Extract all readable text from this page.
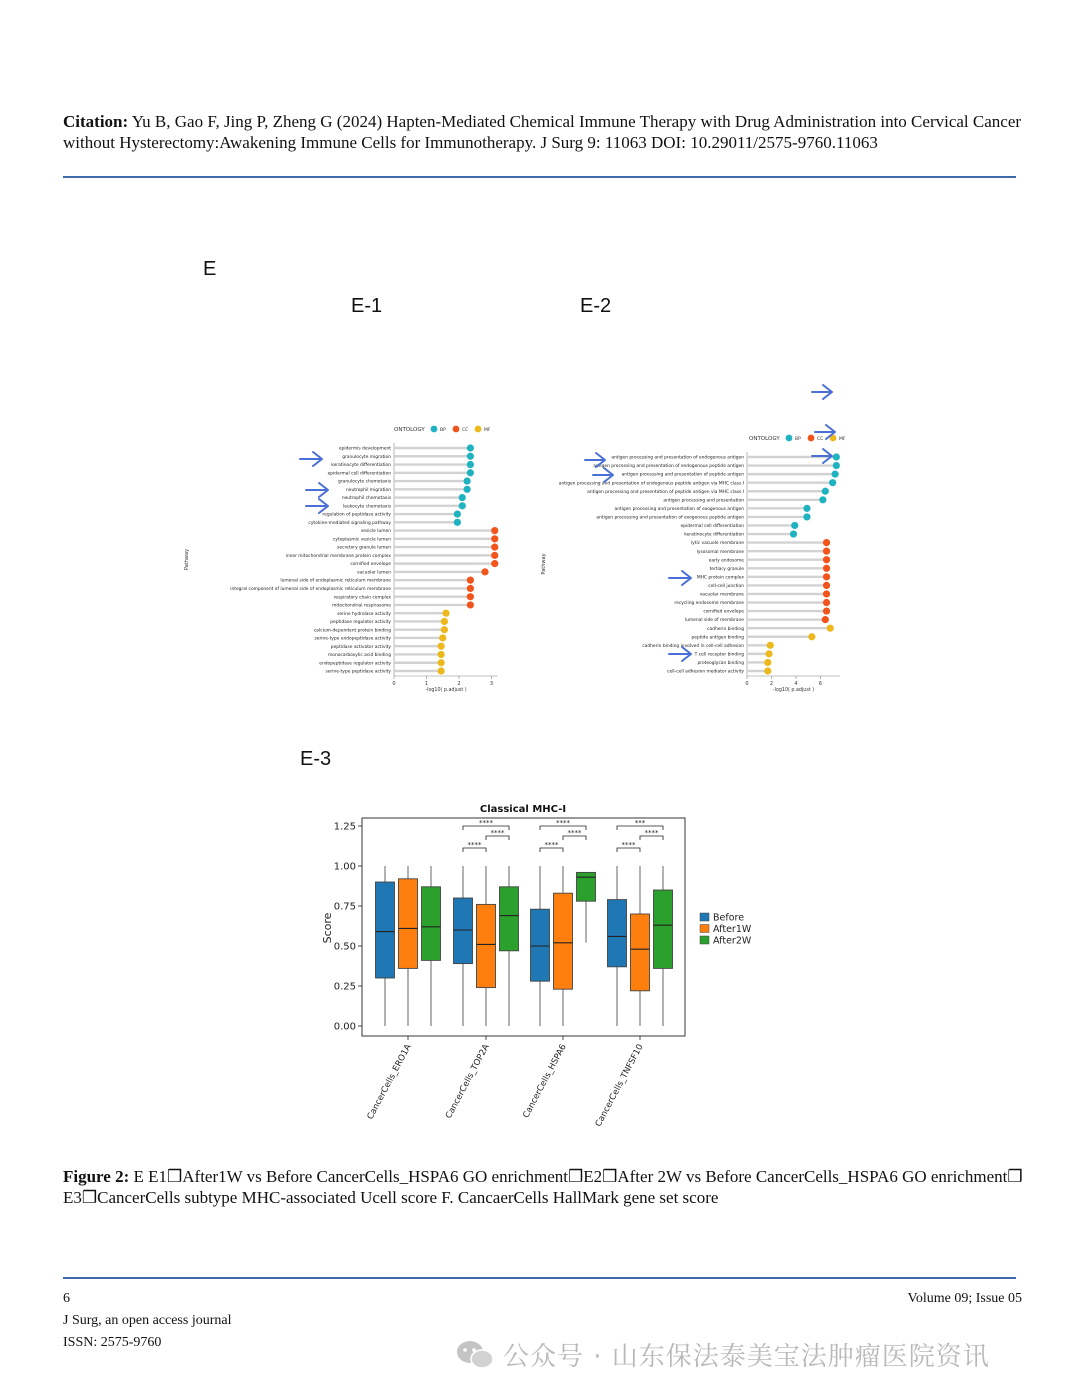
Citation: Yu B, Gao F, Jing P, Zheng G (2024) Hapten-Mediated Chemical Immune Therapy with Drug Administration into Cervical Cancer without Hysterectomy:Awakening Immune Cells for Immunotherapy. J Surg 9: 11063 DOI: 10.29011/2575-9760.11063
E
E-1	E-2
E-3
ONTOLOGY	BP	CC	MF
Pathway
epidermis development
granulocyte migration
keratinocyte differentiation
epidermal cell differentiation
granulocyte chemotaxis
neutrophil migration
neutrophil chemotaxis
leukocyte chemotaxis
regulation of peptidase activity
cytokine-mediated signaling pathway
vesicle lumen
cytoplasmic vesicle lumen
secretory granule lumen
inner mitochondrial membrane protein complex
cornified envelope
vacuolar lumen
lumenal side of endoplasmic reticulum membrane
integral component of lumenal side of endoplasmic reticulum membrane
respiratory chain complex
mitochondrial respirasome
serine hydrolase activity
peptidase regulator activity
calcium-dependent protein binding
serine-type endopeptidase activity
peptidase activator activity
monocarboxylic acid binding
endopeptidase regulator activity
serine-type peptidase activity
0	1	2	3
-log10( p.adjust )
ONTOLOGY	BP	CC	MF
Pathway
antigen processing and presentation of endogenous antigen
antigen processing and presentation of endogenous peptide antigen
antigen processing and presentation of peptide antigen
antigen processing and presentation of endogenous peptide antigen via MHC class I
antigen processing and presentation of peptide antigen via MHC class I
antigen processing and presentation
antigen processing and presentation of exogenous antigen
antigen processing and presentation of exogenous peptide antigen
epidermal cell differentiation
keratinocyte differentiation
lytic vacuole membrane
lysosomal membrane
early endosome
tertiary granule
MHC protein complex
cell-cell junction
vacuolar membrane
recycling endosome membrane
cornified envelope
lumenal side of membrane
cadherin binding
peptide antigen binding
cadherin binding involved in cell-cell adhesion
T cell receptor binding
proteoglycan binding
cell-cell adhesion mediator activity
0	2	4	6
-log10( p.adjust )
Classical MHC-I
0.00
0.25
0.50
0.75
1.00
1.25
Score
CancerCells_ERO1A	CancerCells_TOP2A	CancerCells_HSPA6	CancerCells_TNFSF10
****
****
****
****
****
****
****
***
****
Before
After1W
After2W
Figure 2: E E1❒After1W vs Before CancerCells_HSPA6 GO enrichment❒E2❒After 2W vs Before CancerCells_HSPA6 GO enrichment❒ E3❒CancerCells subtype MHC-associated Ucell score F. CancaerCells HallMark gene set score
6
J Surg, an open access journal
ISSN: 2575-9760
Volume 09; Issue 05
公众号 · 山东保法泰美宝法肿瘤医院资讯
